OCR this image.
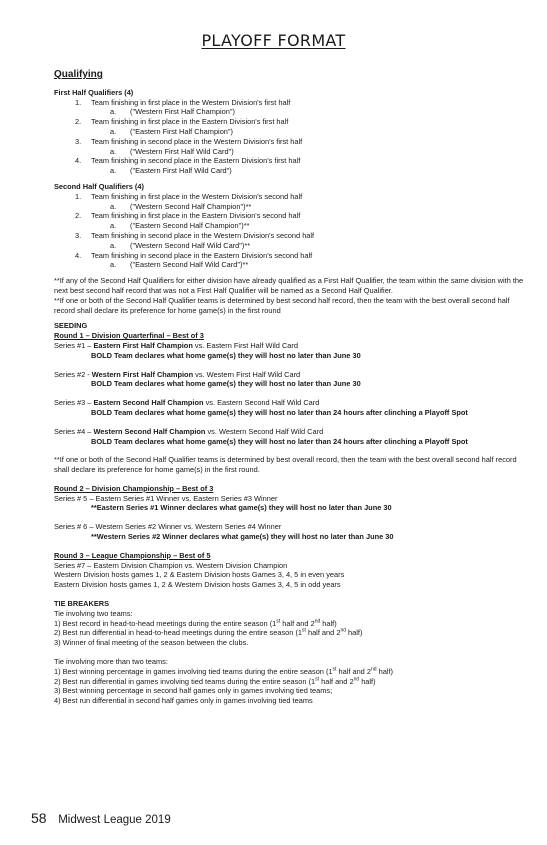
PLAYOFF FORMAT
Qualifying
First Half Qualifiers (4)
1. Team finishing in first place in the Western Division's first half
a. ("Western First Half Champion")
2. Team finishing in first place in the Eastern Division's first half
a. ("Eastern First Half Champion")
3. Team finishing in second place in the Western Division's first half
a. ("Western First Half Wild Card")
4. Team finishing in second place in the Eastern Division's first half
a. ("Eastern First Half Wild Card")
Second Half Qualifiers (4)
1. Team finishing in first place in the Western Division's second half
a. ("Western Second Half Champion")**
2. Team finishing in first place in the Eastern Division's second half
a. ("Eastern Second Half Champion")**
3. Team finishing in second place in the Western Division's second half
a. ("Western Second Half Wild Card")**
4. Team finishing in second place in the Eastern Division's second half
a. ("Eastern Second Half Wild Card")**
**If any of the Second Half Qualifiers for either division have already qualified as a First Half Qualifier, the team within the same division with the next best second half record that was not a First Half Qualifier will be named as a Second Half Qualifier.
**If one or both of the Second Half Qualifier teams is determined by best second half record, then the team with the best overall second half record shall declare its preference for home game(s) in the first round
SEEDING
Round 1 – Division Quarterfinal – Best of 3
Series #1 – Eastern First Half Champion vs. Eastern First Half Wild Card
BOLD Team declares what home game(s) they will host no later than June 30
Series #2 - Western First Half Champion vs. Western First Half Wild Card
BOLD Team declares what home game(s) they will host no later than June 30
Series #3 – Eastern Second Half Champion vs. Eastern Second Half Wild Card
BOLD Team declares what home game(s) they will host no later than 24 hours after clinching a Playoff Spot
Series #4 – Western Second Half Champion vs. Western Second Half Wild Card
BOLD Team declares what home game(s) they will host no later than 24 hours after clinching a Playoff Spot
**If one or both of the Second Half Qualifier teams is determined by best overall record, then the team with the best overall second half record shall declare its preference for home game(s) in the first round.
Round 2 – Division Championship – Best of 3
Series # 5 – Eastern Series #1 Winner vs. Eastern Series #3 Winner
**Eastern Series #1 Winner declares what game(s) they will host no later than June 30
Series # 6 – Western Series #2 Winner vs. Western Series #4 Winner
**Western Series #2 Winner declares what game(s) they will host no later than June 30
Round 3 – League Championship – Best of 5
Series #7 – Eastern Division Champion vs. Western Division Champion
Western Division hosts games 1, 2 & Eastern Division hosts Games 3, 4, 5 in even years
Eastern Division hosts games 1, 2 & Western Division hosts Games 3, 4, 5 in odd years
TIE BREAKERS
Tie involving two teams:
1) Best record in head-to-head meetings during the entire season (1st half and 2nd half)
2) Best run differential in head-to-head meetings during the entire season (1st half and 2nd half)
3) Winner of final meeting of the season between the clubs.
Tie involving more than two teams:
1) Best winning percentage in games involving tied teams during the entire season (1st half and 2nd half)
2) Best run differential in games involving tied teams during the entire season (1st half and 2nd half)
3) Best winning percentage in second half games only in games involving tied teams;
4) Best run differential in second half games only in games involving tied teams
58 Midwest League 2019
